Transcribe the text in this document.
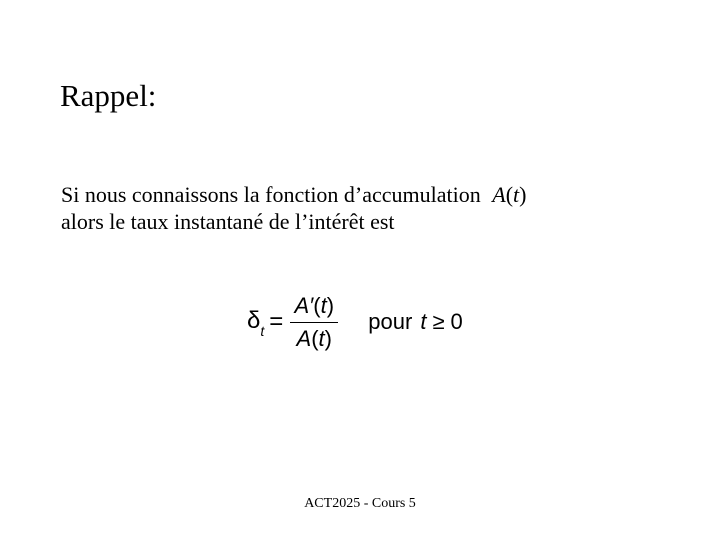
Rappel:
Si nous connaissons la fonction d’accumulation A(t)
alors le taux instantané de l’intérêt est
$\delta_t = \frac{A'(t)}{A(t)}$ pour t ≥ 0
ACT2025 - Cours 5
